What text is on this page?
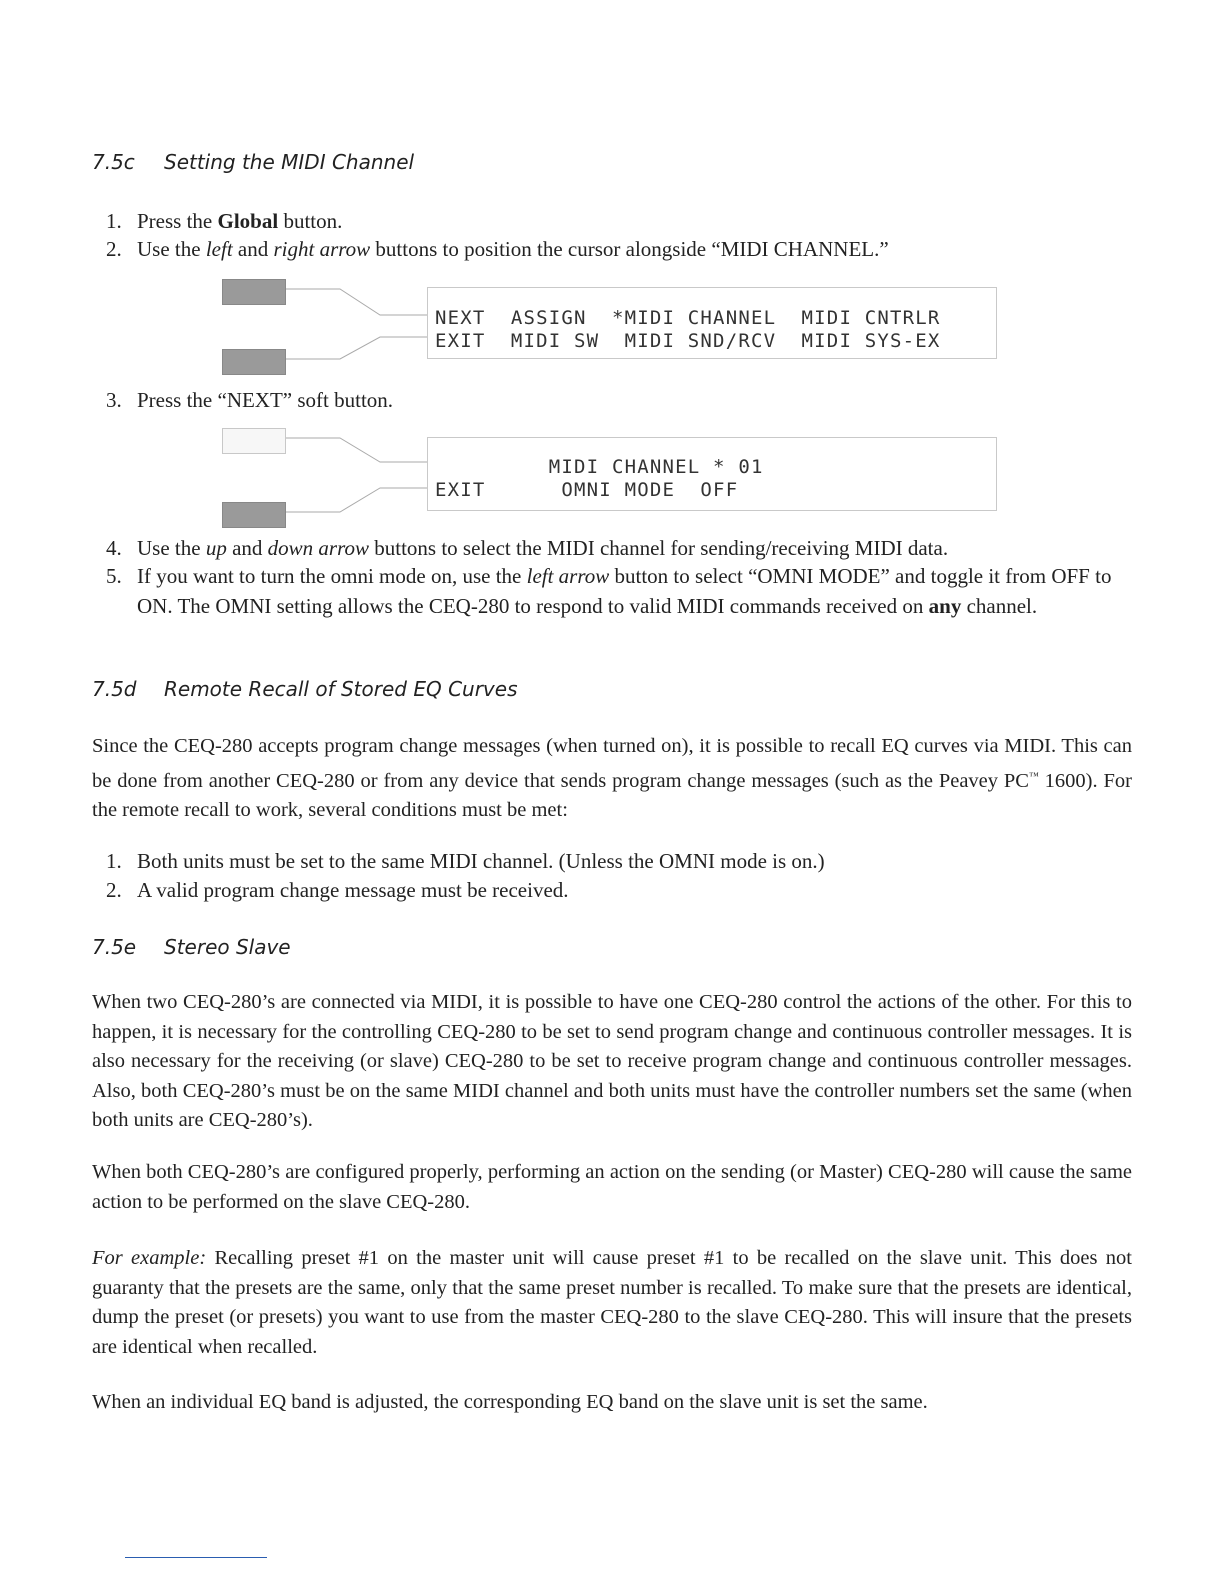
7.5c Setting the MIDI Channel
1. Press the Global button.
2. Use the left and right arrow buttons to position the cursor alongside “MIDI CHANNEL.”

NEXT  ASSIGN  *MIDI CHANNEL  MIDI CNTRLR

EXIT  MIDI SW  MIDI SND/RCV  MIDI SYS-EX

3. Press the “NEXT” soft button.

MIDI CHANNEL * 01

EXIT      OMNI MODE  OFF

4. Use the up and down arrow buttons to select the MIDI channel for sending/receiving MIDI data.
5. If you want to turn the omni mode on, use the left arrow button to select “OMNI MODE” and toggle it from OFF to ON. The OMNI setting allows the CEQ-280 to respond to valid MIDI commands received on any channel.
7.5d Remote Recall of Stored EQ Curves

Since the CEQ-280 accepts program change messages (when turned on), it is possible to recall EQ curves via MIDI. This can be done from another CEQ-280 or from any device that sends program change messages (such as the Peavey PC™ 1600). For the remote recall to work, several conditions must be met:

1. Both units must be set to the same MIDI channel. (Unless the OMNI mode is on.)
2. A valid program change message must be received.
7.5e Stereo Slave

When two CEQ-280’s are connected via MIDI, it is possible to have one CEQ-280 control the actions of the other. For this to happen, it is necessary for the controlling CEQ-280 to be set to send program change and continuous controller messages. It is also necessary for the receiving (or slave) CEQ-280 to be set to receive program change and continuous controller messages. Also, both CEQ-280’s must be on the same MIDI channel and both units must have the controller numbers set the same (when both units are CEQ-280’s).

When both CEQ-280’s are configured properly, performing an action on the sending (or Master) CEQ-280 will cause the same action to be performed on the slave CEQ-280.

For example: Recalling preset #1 on the master unit will cause preset #1 to be recalled on the slave unit. This does not guaranty that the presets are the same, only that the same preset number is recalled. To make sure that the presets are identical, dump the preset (or presets) you want to use from the master CEQ-280 to the slave CEQ-280. This will insure that the presets are identical when recalled.

When an individual EQ band is adjusted, the corresponding EQ band on the slave unit is set the same.
